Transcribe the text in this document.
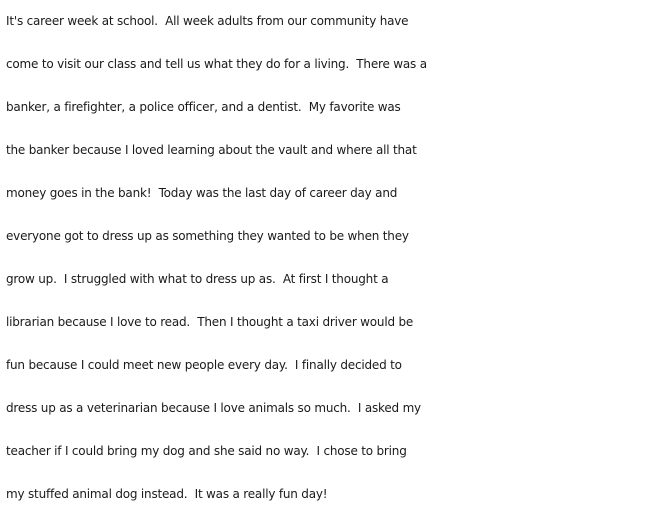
It's career week at school.  All week adults from our community have
come to visit our class and tell us what they do for a living.  There was a
banker, a firefighter, a police officer, and a dentist.  My favorite was
the banker because I loved learning about the vault and where all that
money goes in the bank!  Today was the last day of career day and
everyone got to dress up as something they wanted to be when they
grow up.  I struggled with what to dress up as.  At first I thought a
librarian because I love to read.  Then I thought a taxi driver would be
fun because I could meet new people every day.  I finally decided to
dress up as a veterinarian because I love animals so much.  I asked my
teacher if I could bring my dog and she said no way.  I chose to bring
my stuffed animal dog instead.  It was a really fun day!
